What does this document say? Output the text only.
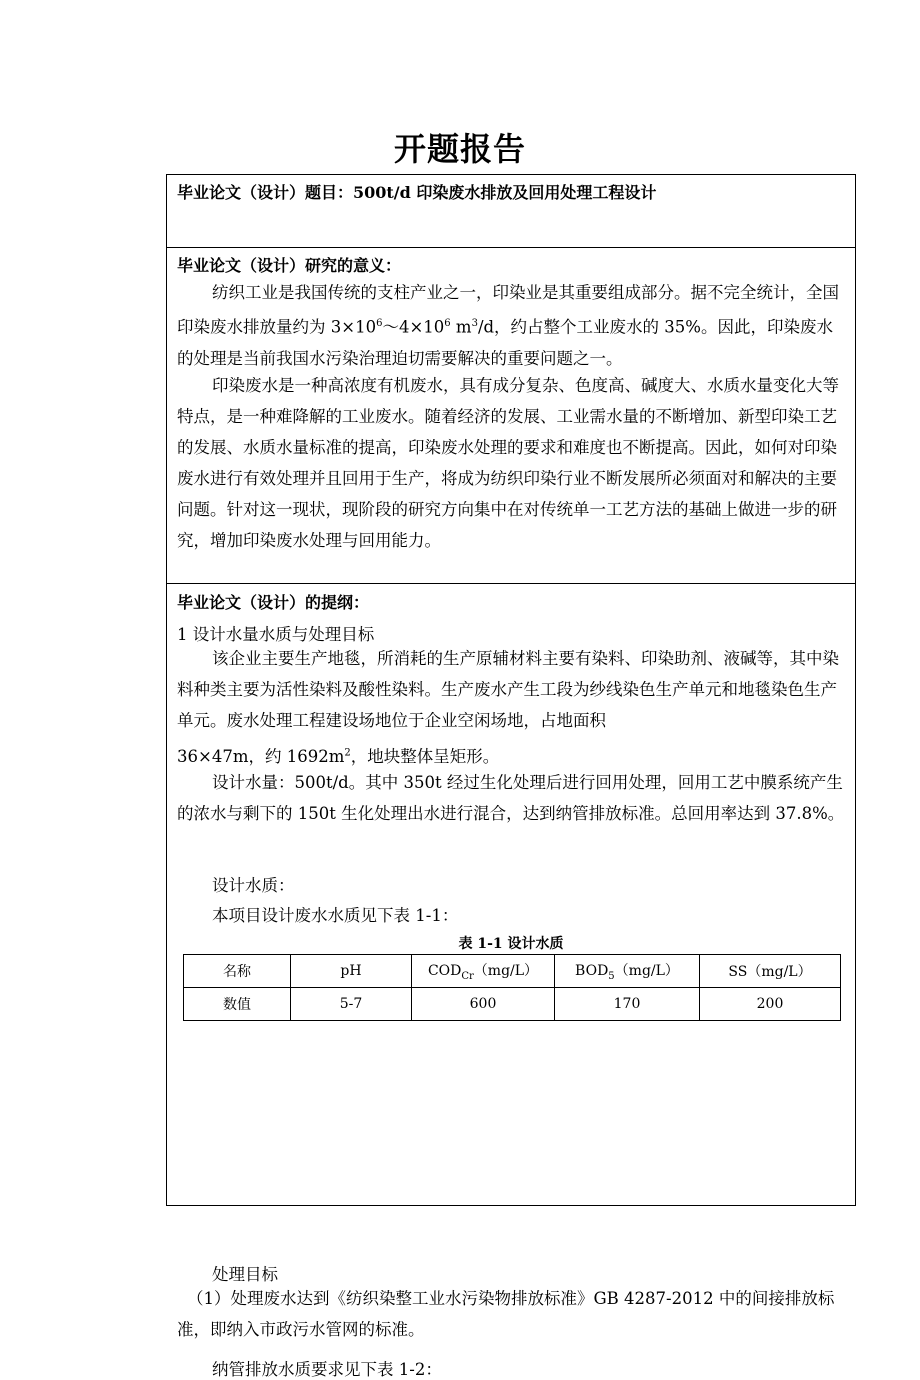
开题报告
毕业论文（设计）题目：500t/d 印染废水排放及回用处理工程设计
毕业论文（设计）研究的意义：
纺织工业是我国传统的支柱产业之一，印染业是其重要组成部分。据不完全统计，全国印染废水排放量约为 $3\times 10^6\sim 4\times 10^6$ $m^3/d$，约占整个工业废水的 35%。因此，印染废水的处理是当前我国水污染治理迫切需要解决的重要问题之一。
印染废水是一种高浓度有机废水，具有成分复杂、色度高、碱度大、水质水量变化大等特点，是一种难降解的工业废水。随着经济的发展、工业需水量的不断增加、新型印染工艺的发展、水质水量标准的提高，印染废水处理的要求和难度也不断提高。因此，如何对印染废水进行有效处理并且回用于生产，将成为纺织印染行业不断发展所必须面对和解决的主要问题。针对这一现状，现阶段的研究方向集中在对传统单一工艺方法的基础上做进一步的研究，增加印染废水处理与回用能力。
毕业论文（设计）的提纲：
1 设计水量水质与处理目标
该企业主要生产地毯，所消耗的生产原辅材料主要有染料、印染助剂、液碱等，其中染料种类主要为活性染料及酸性染料。生产废水产生工段为纱线染色生产单元和地毯染色生产单元。废水处理工程建设场地位于企业空闲场地，占地面积
36×47m，约 $1692m^2$，地块整体呈矩形。
设计水量：500t/d。其中 350t 经过生化处理后进行回用处理，回用工艺中膜系统产生的浓水与剩下的 150t 生化处理出水进行混合，达到纳管排放标准。总回用率达到 37.8%。
设计水质：
本项目设计废水水质见下表 1-1：
表 1-1 设计水质
名称	pH	$COD_{Cr}(mg/L)$	$BOD_5(mg/L)$	SS（mg/L）
数值	5-7	600	170	200
处理目标
（1）处理废水达到《纺织染整工业水污染物排放标准》GB 4287-2012 中的间接排放标准，即纳入市政污水管网的标准。
纳管排放水质要求见下表 1-2：
